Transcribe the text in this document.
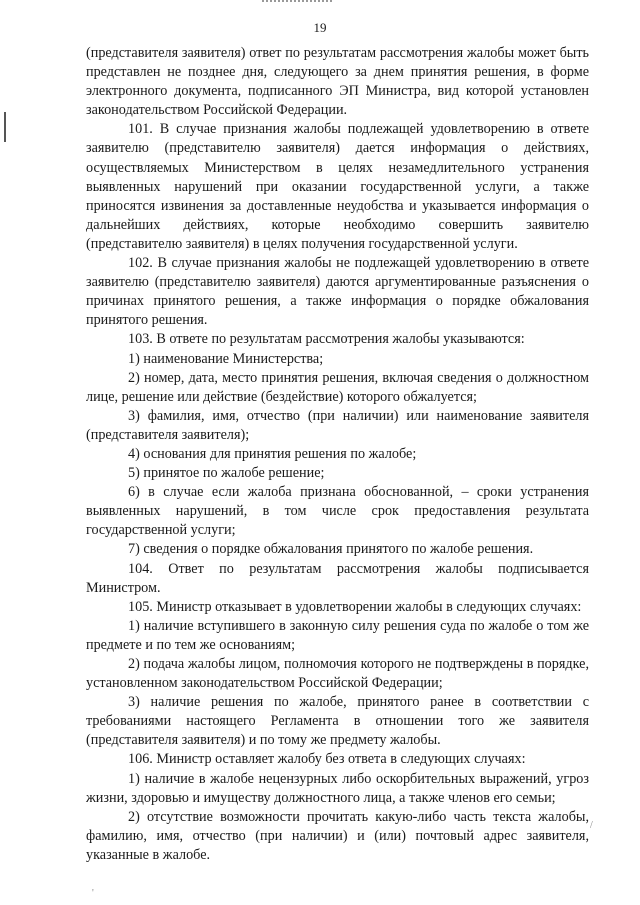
19

(представителя заявителя) ответ по результатам рассмотрения жалобы может быть представлен не позднее дня, следующего за днем принятия решения, в форме электронного документа, подписанного ЭП Министра, вид которой установлен законодательством Российской Федерации.

101. В случае признания жалобы подлежащей удовлетворению в ответе заявителю (представителю заявителя) дается информация о действиях, осуществляемых Министерством в целях незамедлительного устранения выявленных нарушений при оказании государственной услуги, а также приносятся извинения за доставленные неудобства и указывается информация о дальнейших действиях, которые необходимо совершить заявителю (представителю заявителя) в целях получения государственной услуги.

102. В случае признания жалобы не подлежащей удовлетворению в ответе заявителю (представителю заявителя) даются аргументированные разъяснения о причинах принятого решения, а также информация о порядке обжалования принятого решения.

103. В ответе по результатам рассмотрения жалобы указываются:

1) наименование Министерства;

2) номер, дата, место принятия решения, включая сведения о должностном лице, решение или действие (бездействие) которого обжалуется;

3) фамилия, имя, отчество (при наличии) или наименование заявителя (представителя заявителя);

4) основания для принятия решения по жалобе;

5) принятое по жалобе решение;

6) в случае если жалоба признана обоснованной, – сроки устранения выявленных нарушений, в том числе срок предоставления результата государственной услуги;

7) сведения о порядке обжалования принятого по жалобе решения.

104. Ответ по результатам рассмотрения жалобы подписывается Министром.

105. Министр отказывает в удовлетворении жалобы в следующих случаях:

1) наличие вступившего в законную силу решения суда по жалобе о том же предмете и по тем же основаниям;

2) подача жалобы лицом, полномочия которого не подтверждены в порядке, установленном законодательством Российской Федерации;

3) наличие решения по жалобе, принятого ранее в соответствии с требованиями настоящего Регламента в отношении того же заявителя (представителя заявителя) и по тому же предмету жалобы.

106. Министр оставляет жалобу без ответа в следующих случаях:

1) наличие в жалобе нецензурных либо оскорбительных выражений, угроз жизни, здоровью и имуществу должностного лица, а также членов его семьи;

2) отсутствие возможности прочитать какую-либо часть текста жалобы, фамилию, имя, отчество (при наличии) и (или) почтовый адрес заявителя, указанные в жалобе.

/
'
